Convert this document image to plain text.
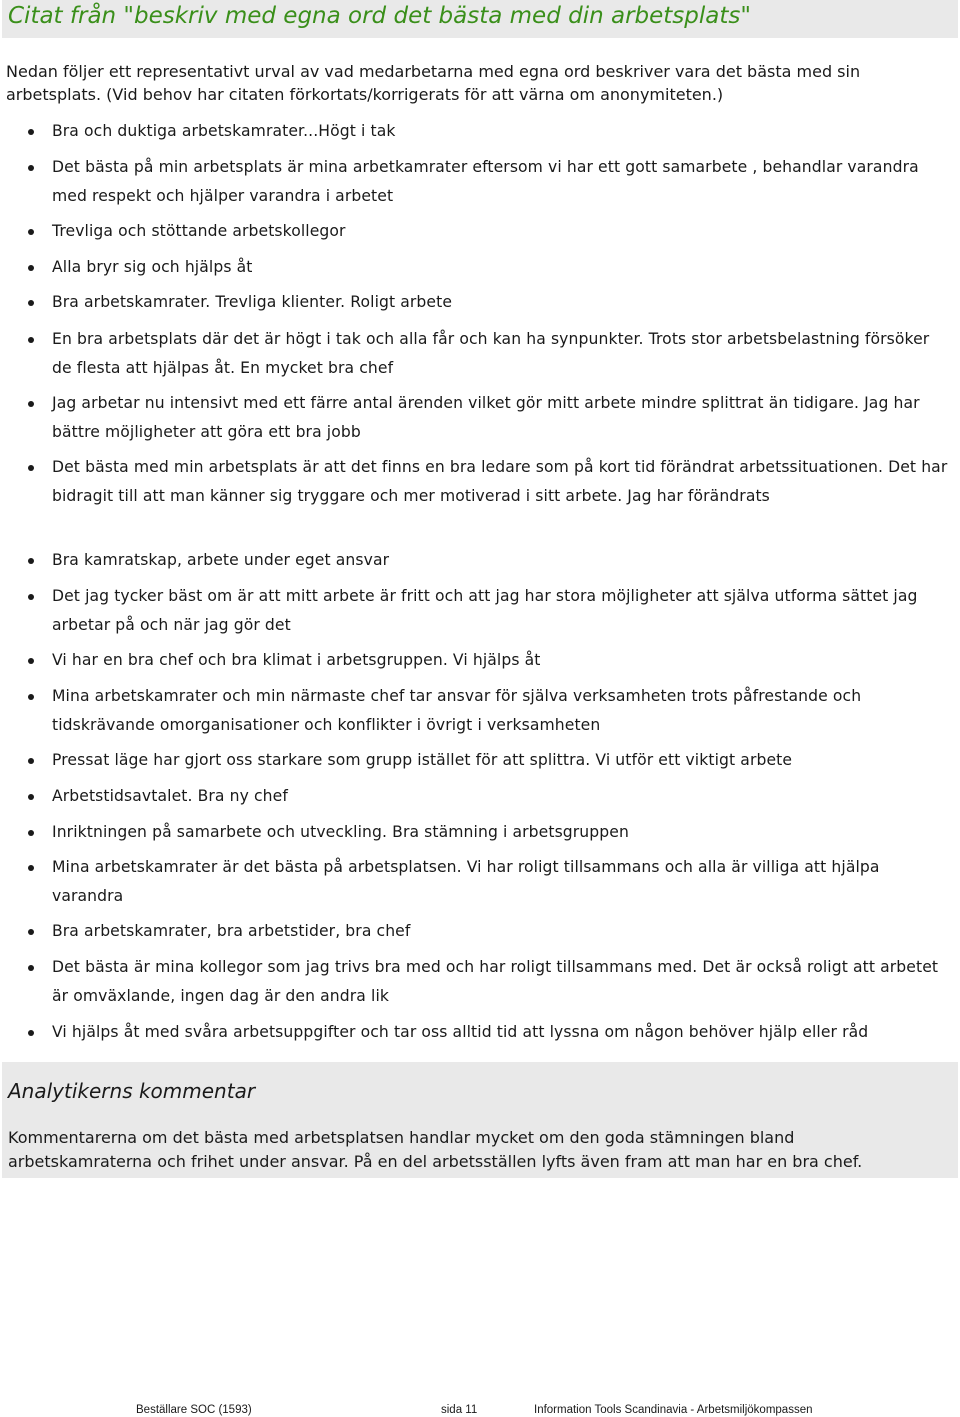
Citat från "beskriv med egna ord det bästa med din arbetsplats"

Nedan följer ett representativt urval av vad medarbetarna med egna ord beskriver vara det bästa med sin arbetsplats. (Vid behov har citaten förkortats/korrigerats för att värna om anonymiteten.)

Bra och duktiga arbetskamrater...Högt i tak
Det bästa på min arbetsplats är mina arbetkamrater eftersom vi har ett gott samarbete , behandlar varandra med respekt och hjälper varandra i arbetet
Trevliga och stöttande arbetskollegor
Alla bryr sig och hjälps åt
Bra arbetskamrater. Trevliga klienter. Roligt arbete
En bra arbetsplats där det är högt i tak och alla får och kan ha synpunkter. Trots stor arbetsbelastning försöker de flesta att hjälpas åt. En mycket bra chef
Jag arbetar nu intensivt med ett färre antal ärenden vilket gör mitt arbete mindre splittrat än tidigare. Jag har bättre möjligheter att göra ett bra jobb
Det bästa med min arbetsplats är att det finns en bra ledare som på kort tid förändrat arbetssituationen. Det har bidragit till att man känner sig tryggare och mer motiverad i sitt arbete. Jag har förändrats
Bra kamratskap, arbete under eget ansvar
Det jag tycker bäst om är att mitt arbete är fritt och att jag har stora möjligheter att själva utforma sättet jag arbetar på och när jag gör det
Vi har en bra chef och bra klimat i arbetsgruppen. Vi hjälps åt
Mina arbetskamrater och min närmaste chef tar ansvar för själva verksamheten trots påfrestande och tidskrävande omorganisationer och konflikter i övrigt i verksamheten
Pressat läge har gjort oss starkare som grupp istället för att splittra. Vi utför ett viktigt arbete
Arbetstidsavtalet. Bra ny chef
Inriktningen på samarbete och utveckling. Bra stämning i arbetsgruppen
Mina arbetskamrater är det bästa på arbetsplatsen. Vi har roligt tillsammans och alla är villiga att hjälpa varandra
Bra arbetskamrater, bra arbetstider, bra chef
Det bästa är mina kollegor som jag trivs bra med och har roligt tillsammans med. Det är också roligt att arbetet är omväxlande, ingen dag är den andra lik
Vi hjälps åt med svåra arbetsuppgifter och tar oss alltid tid att lyssna om någon behöver hjälp eller råd
Analytikerns kommentar

Kommentarerna om det bästa med arbetsplatsen handlar mycket om den goda stämningen bland arbetskamraterna och frihet under ansvar. På en del arbetsställen lyfts även fram att man har en bra chef.

Beställare SOC (1593)	sida 11	Information Tools Scandinavia - Arbetsmiljökompassen
